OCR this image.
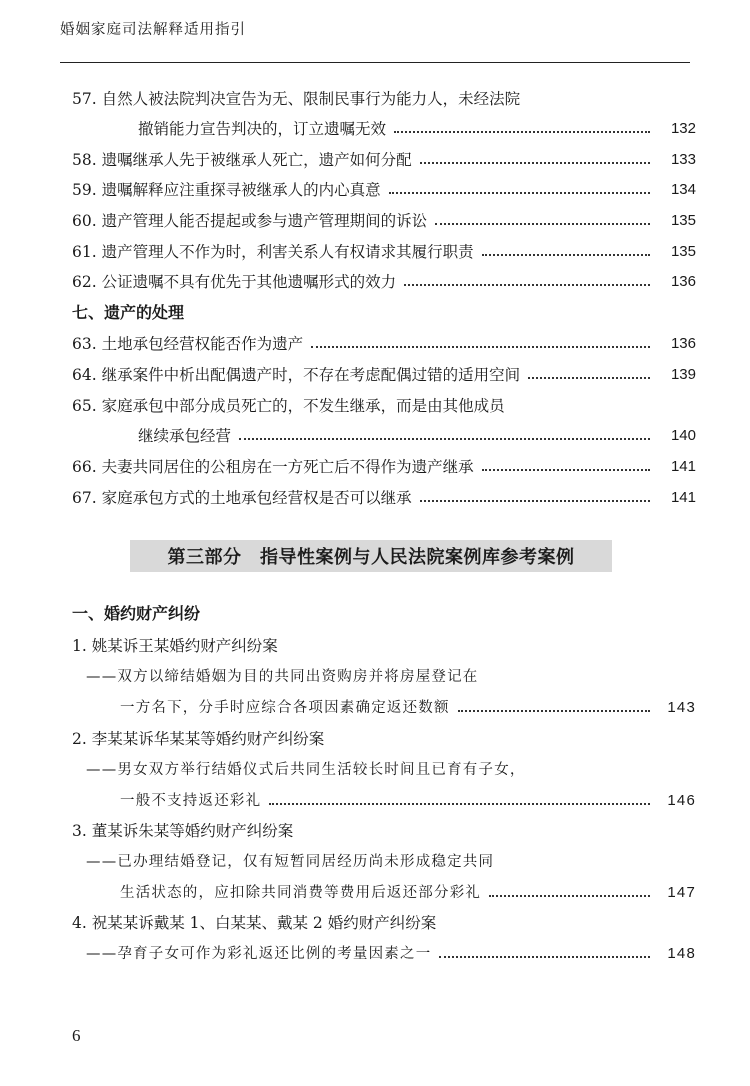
婚姻家庭司法解释适用指引
57. 自然人被法院判决宣告为无、限制民事行为能力人，未经法院
撤销能力宣告判决的，订立遗嘱无效	132
58. 遗嘱继承人先于被继承人死亡，遗产如何分配	133
59. 遗嘱解释应注重探寻被继承人的内心真意	134
60. 遗产管理人能否提起或参与遗产管理期间的诉讼	135
61. 遗产管理人不作为时，利害关系人有权请求其履行职责	135
62. 公证遗嘱不具有优先于其他遗嘱形式的效力	136
七、遗产的处理
63. 土地承包经营权能否作为遗产	136
64. 继承案件中析出配偶遗产时，不存在考虑配偶过错的适用空间	139
65. 家庭承包中部分成员死亡的，不发生继承，而是由其他成员
继续承包经营	140
66. 夫妻共同居住的公租房在一方死亡后不得作为遗产继承	141
67. 家庭承包方式的土地承包经营权是否可以继承	141
第三部分　指导性案例与人民法院案例库参考案例
一、婚约财产纠纷
1. 姚某诉王某婚约财产纠纷案
——双方以缔结婚姻为目的共同出资购房并将房屋登记在
一方名下，分手时应综合各项因素确定返还数额	143
2. 李某某诉华某某等婚约财产纠纷案
——男女双方举行结婚仪式后共同生活较长时间且已育有子女，
一般不支持返还彩礼	146
3. 董某诉朱某等婚约财产纠纷案
——已办理结婚登记，仅有短暂同居经历尚未形成稳定共同
生活状态的，应扣除共同消费等费用后返还部分彩礼	147
4. 祝某某诉戴某 1、白某某、戴某 2 婚约财产纠纷案
——孕育子女可作为彩礼返还比例的考量因素之一	148
6
